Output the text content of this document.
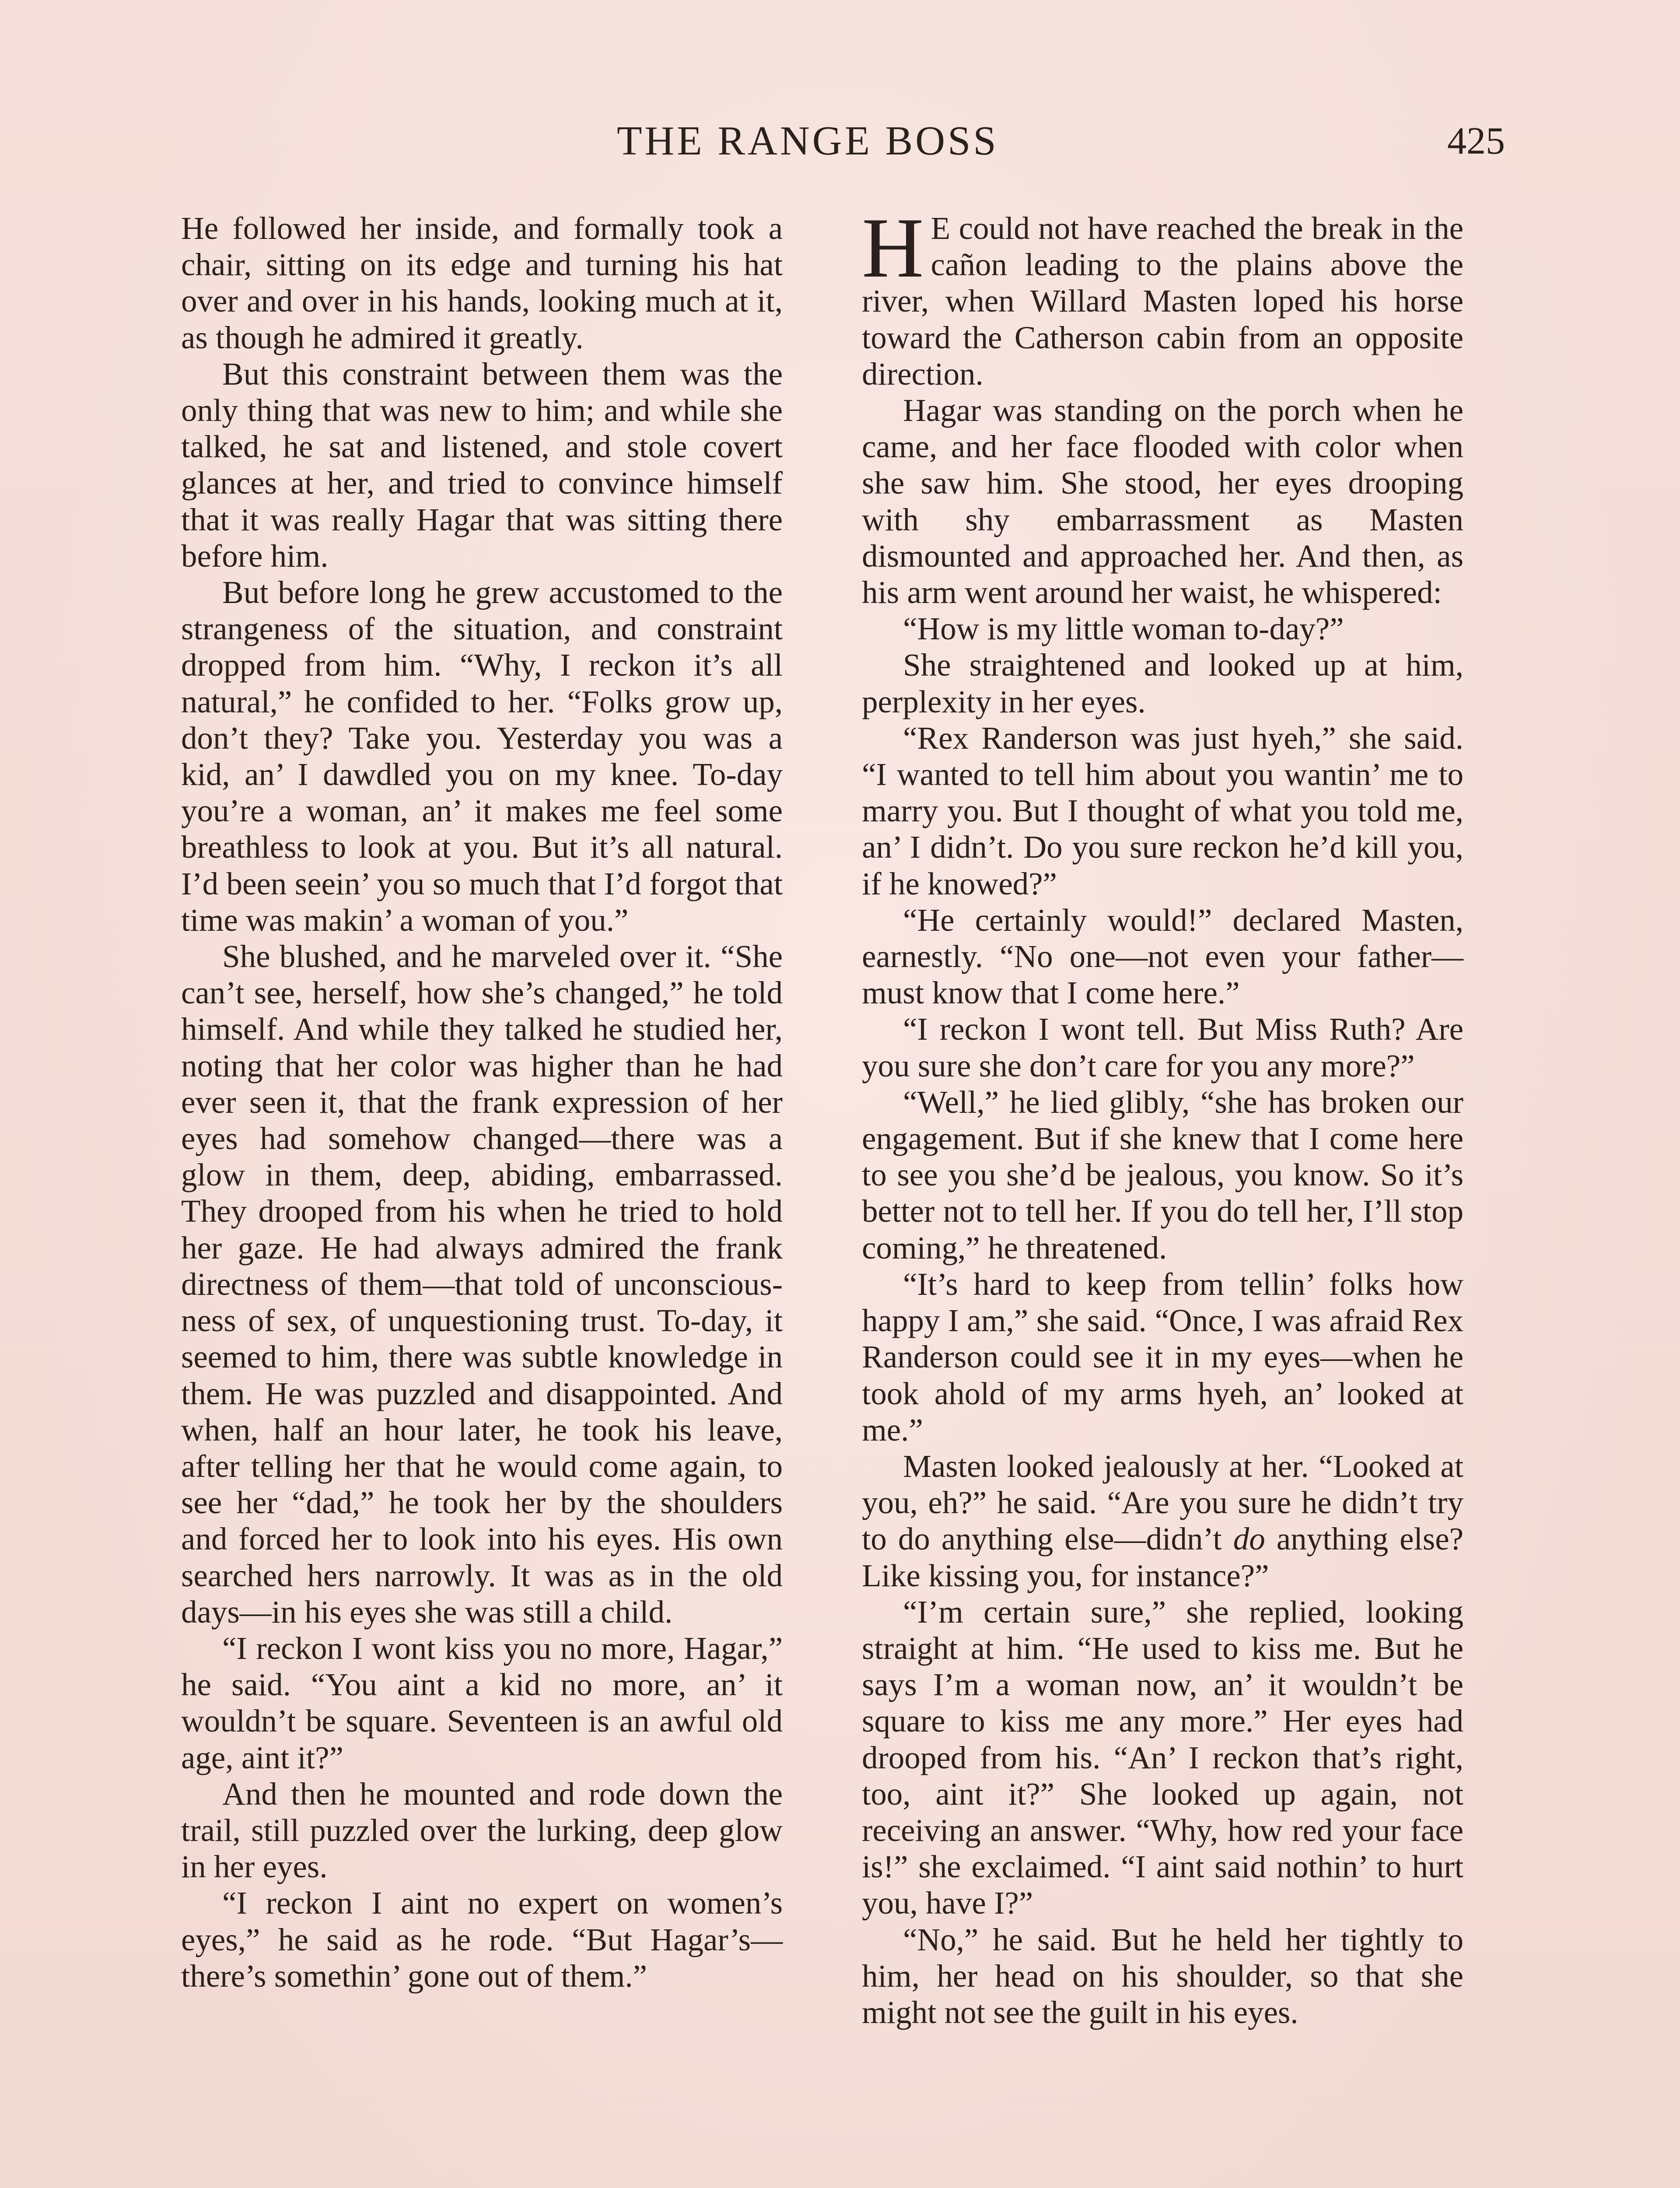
THE RANGE BOSS	425

He followed her inside, and formally took a chair, sitting on its edge and turning his hat over and over in his hands, looking much at it, as though he admired it greatly.

But this constraint between them was the only thing that was new to him; and while she talked, he sat and listened, and stole covert glances at her, and tried to convince himself that it was really Hagar that was sitting there before him.

But before long he grew accustomed to the strangeness of the situation, and constraint dropped from him. “Why, I reckon it’s all natural,” he confided to her. “Folks grow up, don’t they? Take you. Yesterday you was a kid, an’ I dawdled you on my knee. To-day you’re a woman, an’ it makes me feel some breathless to look at you. But it’s all natural. I’d been seein’ you so much that I’d forgot that time was makin’ a woman of you.”

She blushed, and he marveled over it. “She can’t see, herself, how she’s changed,” he told himself. And while they talked he studied her, noting that her color was higher than he had ever seen it, that the frank expression of her eyes had somehow changed—there was a glow in them, deep, abiding, embarrassed. They drooped from his when he tried to hold her gaze. He had always admired the frank directness of them—that told of unconsciousness of sex, of unquestioning trust. To-day, it seemed to him, there was subtle knowledge in them. He was puzzled and disappointed. And when, half an hour later, he took his leave, after telling her that he would come again, to see her “dad,” he took her by the shoulders and forced her to look into his eyes. His own searched hers narrowly. It was as in the old days—in his eyes she was still a child.

“I reckon I wont kiss you no more, Hagar,” he said. “You aint a kid no more, an’ it wouldn’t be square. Seventeen is an awful old age, aint it?”

And then he mounted and rode down the trail, still puzzled over the lurking, deep glow in her eyes.

“I reckon I aint no expert on women’s eyes,” he said as he rode. “But Hagar’s—there’s somethin’ gone out of them.”

H E could not have reached the break in the cañon leading to the plains above the river, when Willard Masten loped his horse toward the Catherson cabin from an opposite direction.

Hagar was standing on the porch when he came, and her face flooded with color when she saw him. She stood, her eyes drooping with shy embarrassment as Masten dismounted and approached her. And then, as his arm went around her waist, he whispered:

“How is my little woman to-day?”

She straightened and looked up at him, perplexity in her eyes.

“Rex Randerson was just hyeh,” she said. “I wanted to tell him about you wantin’ me to marry you. But I thought of what you told me, an’ I didn’t. Do you sure reckon he’d kill you, if he knowed?”

“He certainly would!” declared Masten, earnestly. “No one—not even your father—must know that I come here.”

“I reckon I wont tell. But Miss Ruth? Are you sure she don’t care for you any more?”

“Well,” he lied glibly, “she has broken our engagement. But if she knew that I come here to see you she’d be jealous, you know. So it’s better not to tell her. If you do tell her, I’ll stop coming,” he threatened.

“It’s hard to keep from tellin’ folks how happy I am,” she said. “Once, I was afraid Rex Randerson could see it in my eyes—when he took ahold of my arms hyeh, an’ looked at me.”

Masten looked jealously at her. “Looked at you, eh?” he said. “Are you sure he didn’t try to do anything else—didn’t do anything else? Like kissing you, for instance?”

“I’m certain sure,” she replied, looking straight at him. “He used to kiss me. But he says I’m a woman now, an’ it wouldn’t be square to kiss me any more.” Her eyes had drooped from his. “An’ I reckon that’s right, too, aint it?” She looked up again, not receiving an answer. “Why, how red your face is!” she exclaimed. “I aint said nothin’ to hurt you, have I?”

“No,” he said. But he held her tightly to him, her head on his shoulder, so that she might not see the guilt in his eyes.
